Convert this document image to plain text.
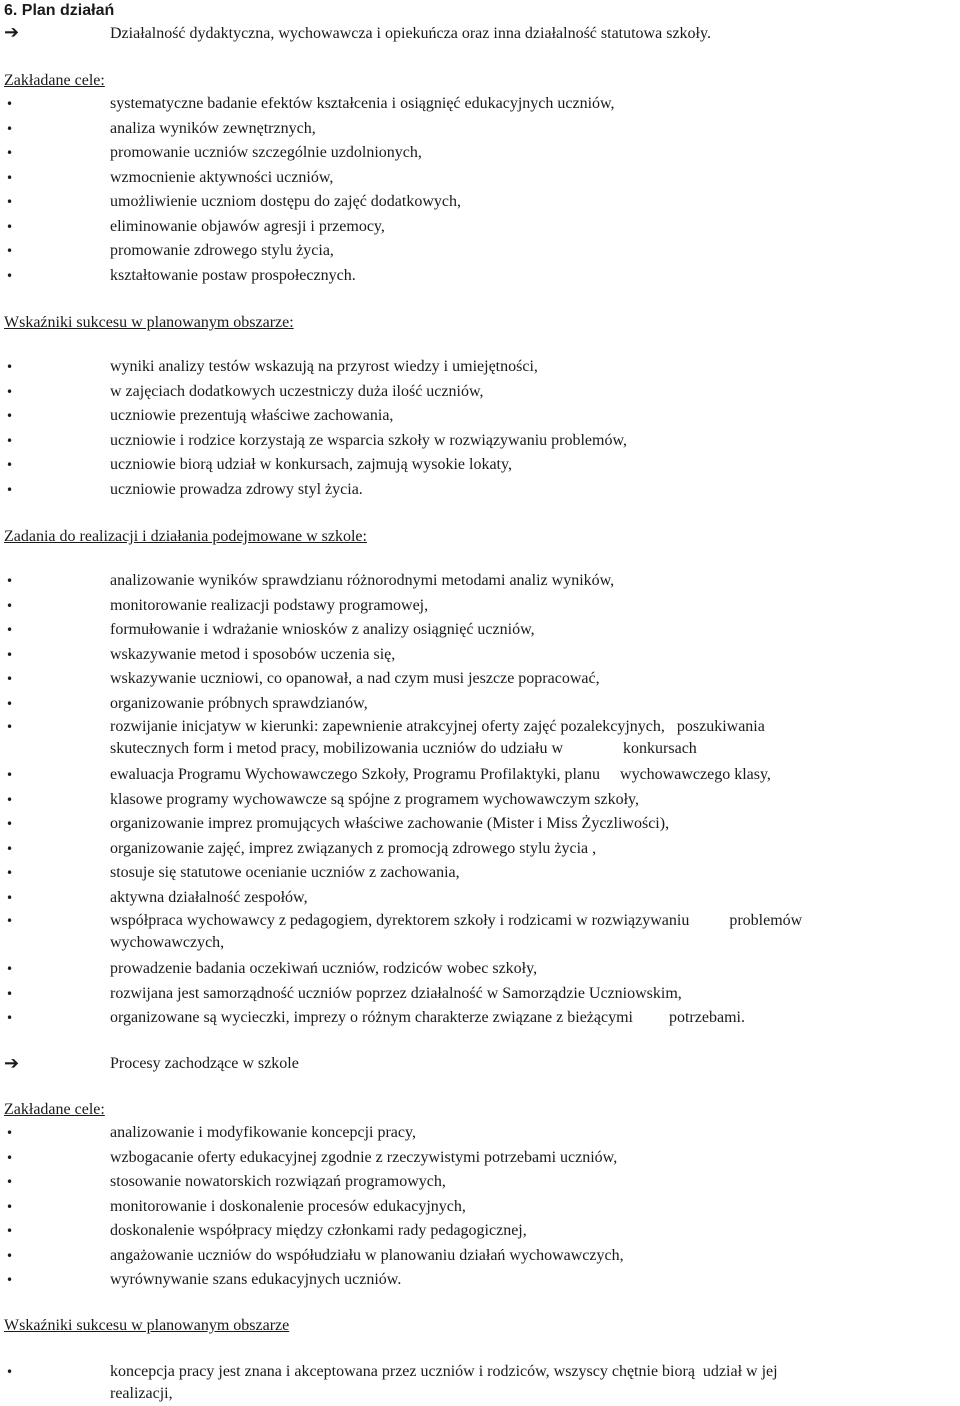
6. Plan działań
➔	Działalność dydaktyczna, wychowawcza i opiekuńcza oraz inna działalność statutowa szkoły.
Zakładane cele:
•	systematyczne badanie efektów kształcenia i osiągnięć edukacyjnych uczniów,
•	analiza wyników zewnętrznych,
•	promowanie uczniów szczególnie uzdolnionych,
•	wzmocnienie aktywności uczniów,
•	umożliwienie uczniom dostępu do zajęć dodatkowych,
•	eliminowanie objawów agresji i przemocy,
•	promowanie zdrowego stylu życia,
•	kształtowanie postaw prospołecznych.
Wskaźniki sukcesu w planowanym obszarze:
•	wyniki analizy testów wskazują na przyrost wiedzy i umiejętności,
•	w zajęciach dodatkowych uczestniczy duża ilość uczniów,
•	uczniowie prezentują właściwe zachowania,
•	uczniowie i rodzice korzystają ze wsparcia szkoły w rozwiązywaniu problemów,
•	uczniowie biorą udział w konkursach, zajmują wysokie lokaty,
•	uczniowie prowadza zdrowy styl życia.
Zadania do realizacji i działania podejmowane w szkole:
•	analizowanie wyników sprawdzianu różnorodnymi metodami analiz wyników,
•	monitorowanie realizacji podstawy programowej,
•	formułowanie i wdrażanie wniosków z analizy osiągnięć uczniów,
•	wskazywanie metod i sposobów uczenia się,
•	wskazywanie uczniowi, co opanował, a nad czym musi jeszcze popracować,
•	organizowanie próbnych sprawdzianów,
•	rozwijanie inicjatyw w kierunki: zapewnienie atrakcyjnej oferty zajęć pozalekcyjnych,   poszukiwania
skutecznych form i metod pracy, mobilizowania uczniów do udziału w               konkursach
•	ewaluacja Programu Wychowawczego Szkoły, Programu Profilaktyki, planu     wychowawczego klasy,
•	klasowe programy wychowawcze są spójne z programem wychowawczym szkoły,
•	organizowanie imprez promujących właściwe zachowanie (Mister i Miss Życzliwości),
•	organizowanie zajęć, imprez związanych z promocją zdrowego stylu życia ,
•	stosuje się statutowe ocenianie uczniów z zachowania,
•	aktywna działalność zespołów,
•	współpraca wychowawcy z pedagogiem, dyrektorem szkoły i rodzicami w rozwiązywaniu          problemów
wychowawczych,
•	prowadzenie badania oczekiwań uczniów, rodziców wobec szkoły,
•	rozwijana jest samorządność uczniów poprzez działalność w Samorządzie Uczniowskim,
•	organizowane są wycieczki, imprezy o różnym charakterze związane z bieżącymi         potrzebami.
➔	Procesy zachodzące w szkole
Zakładane cele:
•	analizowanie i modyfikowanie koncepcji pracy,
•	wzbogacanie oferty edukacyjnej zgodnie z rzeczywistymi potrzebami uczniów,
•	stosowanie nowatorskich rozwiązań programowych,
•	monitorowanie i doskonalenie procesów edukacyjnych,
•	doskonalenie współpracy między członkami rady pedagogicznej,
•	angażowanie uczniów do współudziału w planowaniu działań wychowawczych,
•	wyrównywanie szans edukacyjnych uczniów.
Wskaźniki sukcesu w planowanym obszarze
•	koncepcja pracy jest znana i akceptowana przez uczniów i rodziców, wszyscy chętnie biorą  udział w jej
realizacji,
